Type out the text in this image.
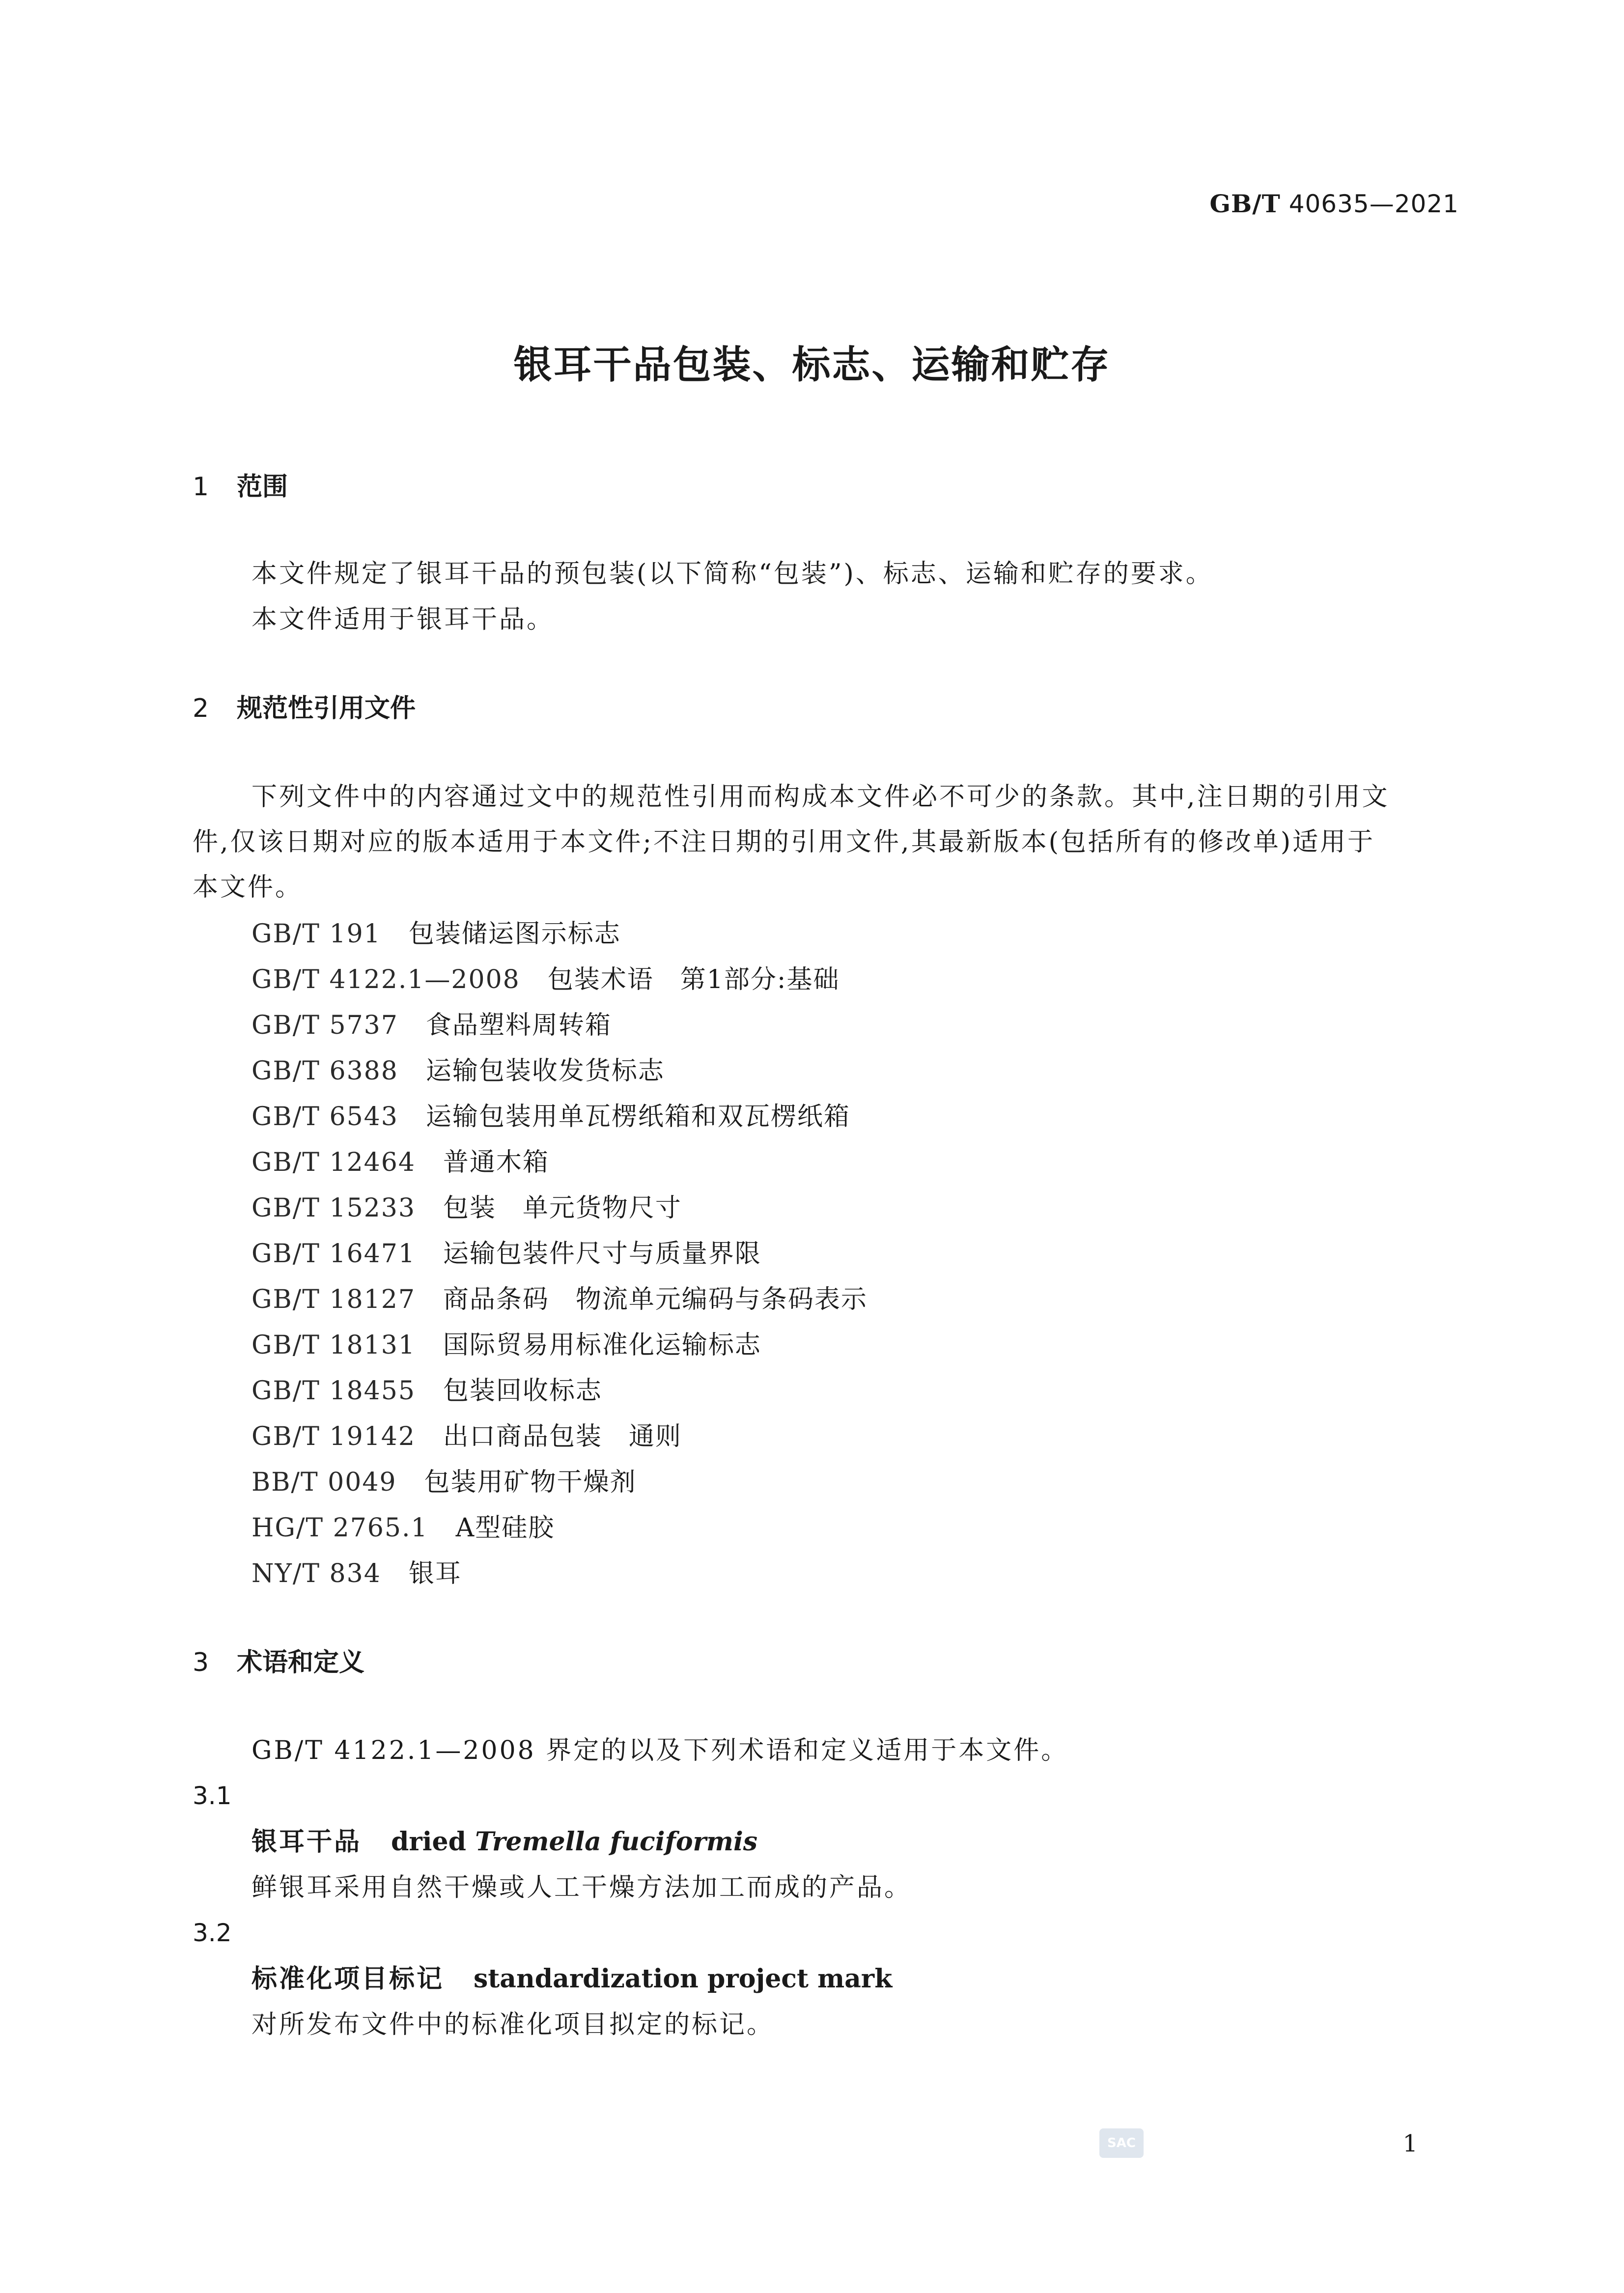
GB/T 40635—2021
银耳干品包装、标志、运输和贮存
1 范围
本文件规定了银耳干品的预包装(以下简称“包装”)、标志、运输和贮存的要求。
本文件适用于银耳干品。
2 规范性引用文件
下列文件中的内容通过文中的规范性引用而构成本文件必不可少的条款。其中,注日期的引用文
件,仅该日期对应的版本适用于本文件;不注日期的引用文件,其最新版本(包括所有的修改单)适用于
本文件。
GB/T 191 包装储运图示标志
GB/T 4122.1—2008 包装术语　第1部分:基础
GB/T 5737 食品塑料周转箱
GB/T 6388 运输包装收发货标志
GB/T 6543 运输包装用单瓦楞纸箱和双瓦楞纸箱
GB/T 12464 普通木箱
GB/T 15233 包装　单元货物尺寸
GB/T 16471 运输包装件尺寸与质量界限
GB/T 18127 商品条码　物流单元编码与条码表示
GB/T 18131 国际贸易用标准化运输标志
GB/T 18455 包装回收标志
GB/T 19142 出口商品包装　通则
BB/T 0049 包装用矿物干燥剂
HG/T 2765.1 A型硅胶
NY/T 834 银耳
3 术语和定义
GB/T 4122.1—2008 界定的以及下列术语和定义适用于本文件。
3.1
银耳干品 dried Tremella fuciformis
鲜银耳采用自然干燥或人工干燥方法加工而成的产品。
3.2
标准化项目标记 standardization project mark
对所发布文件中的标准化项目拟定的标记。
SAC	1
